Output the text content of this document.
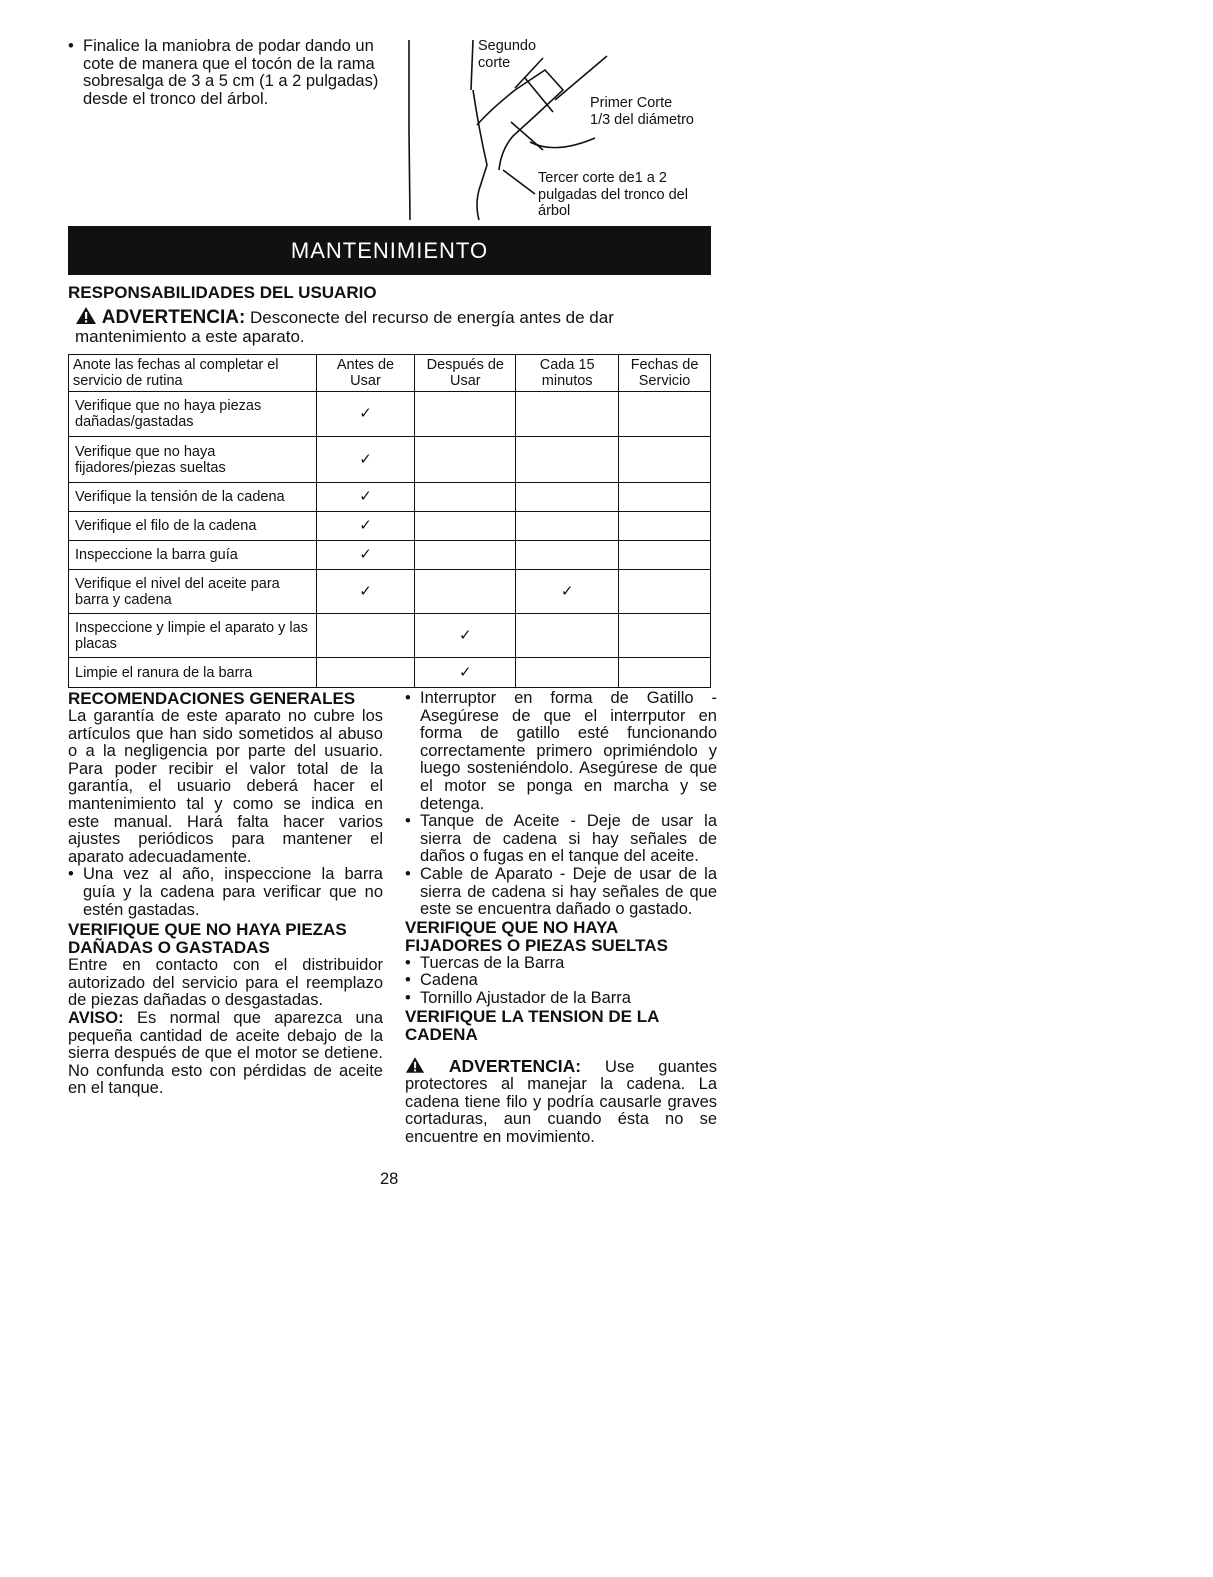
• Finalice la maniobra de podar dando un cote de manera que el tocón de la rama sobresalga de 3 a 5 cm (1 a 2 pulgadas) desde el tronco del árbol.

Segundo corte
Primer Corte
1/3 del diámetro
Tercer corte de1 a 2 pulgadas del tronco del árbol
MANTENIMIENTO

RESPONSABILIDADES DEL USUARIO

ADVERTENCIA: Desconecte del recurso de energía antes de dar mantenimiento a este aparato.
Anote las fechas al completar el servicio de rutina	Antes de Usar	Después de Usar	Cada 15 minutos	Fechas de Servicio
Verifique que no haya piezas dañadas/gastadas	✓			
Verifique que no haya fijadores/piezas sueltas	✓			
Verifique la tensión de la cadena	✓			
Verifique el filo de la cadena	✓			
Inspeccione la barra guía	✓			
Verifique el nivel del aceite para barra y cadena	✓		✓	
Inspeccione y limpie el aparato y las placas		✓		
Limpie el ranura de la barra		✓		

RECOMENDACIONES GENERALES

La garantía de este aparato no cubre los artículos que han sido sometidos al abuso o a la negligencia por parte del usuario. Para poder recibir el valor total de la garantía, el usuario deberá hacer el mantenimiento tal y como se indica en este manual. Hará falta hacer varios ajustes periódicos para mantener el aparato adecuadamente.

• Una vez al año, inspeccione la barra guía y la cadena para verificar que no estén gastadas.

VERIFIQUE QUE NO HAYA PIEZAS DAÑADAS O GASTADAS

Entre en contacto con el distribuidor autorizado del servicio para el reemplazo de piezas dañadas o desgastadas.

AVISO: Es normal que aparezca una pequeña cantidad de aceite debajo de la sierra después de que el motor se detiene. No confunda esto con pérdidas de aceite en el tanque.

• Interruptor en forma de Gatillo - Asegúrese de que el interrputor en forma de gatillo esté funcionando correctamente primero oprimiéndolo y luego sosteniéndolo. Asegúrese de que el motor se ponga en marcha y se detenga.

• Tanque de Aceite - Deje de usar la sierra de cadena si hay señales de daños o fugas en el tanque del aceite.

• Cable de Aparato - Deje de usar de la sierra de cadena si hay señales de que este se encuentra dañado o gastado.

VERIFIQUE QUE NO HAYA FIJADORES O PIEZAS SUELTAS

• Tuercas de la Barra

• Cadena

• Tornillo Ajustador de la Barra

VERIFIQUE LA TENSION DE LA CADENA

ADVERTENCIA: Use guantes protectores al manejar la cadena. La cadena tiene filo y podría causarle graves cortaduras, aun cuando ésta no se encuentre en movimiento.

28
